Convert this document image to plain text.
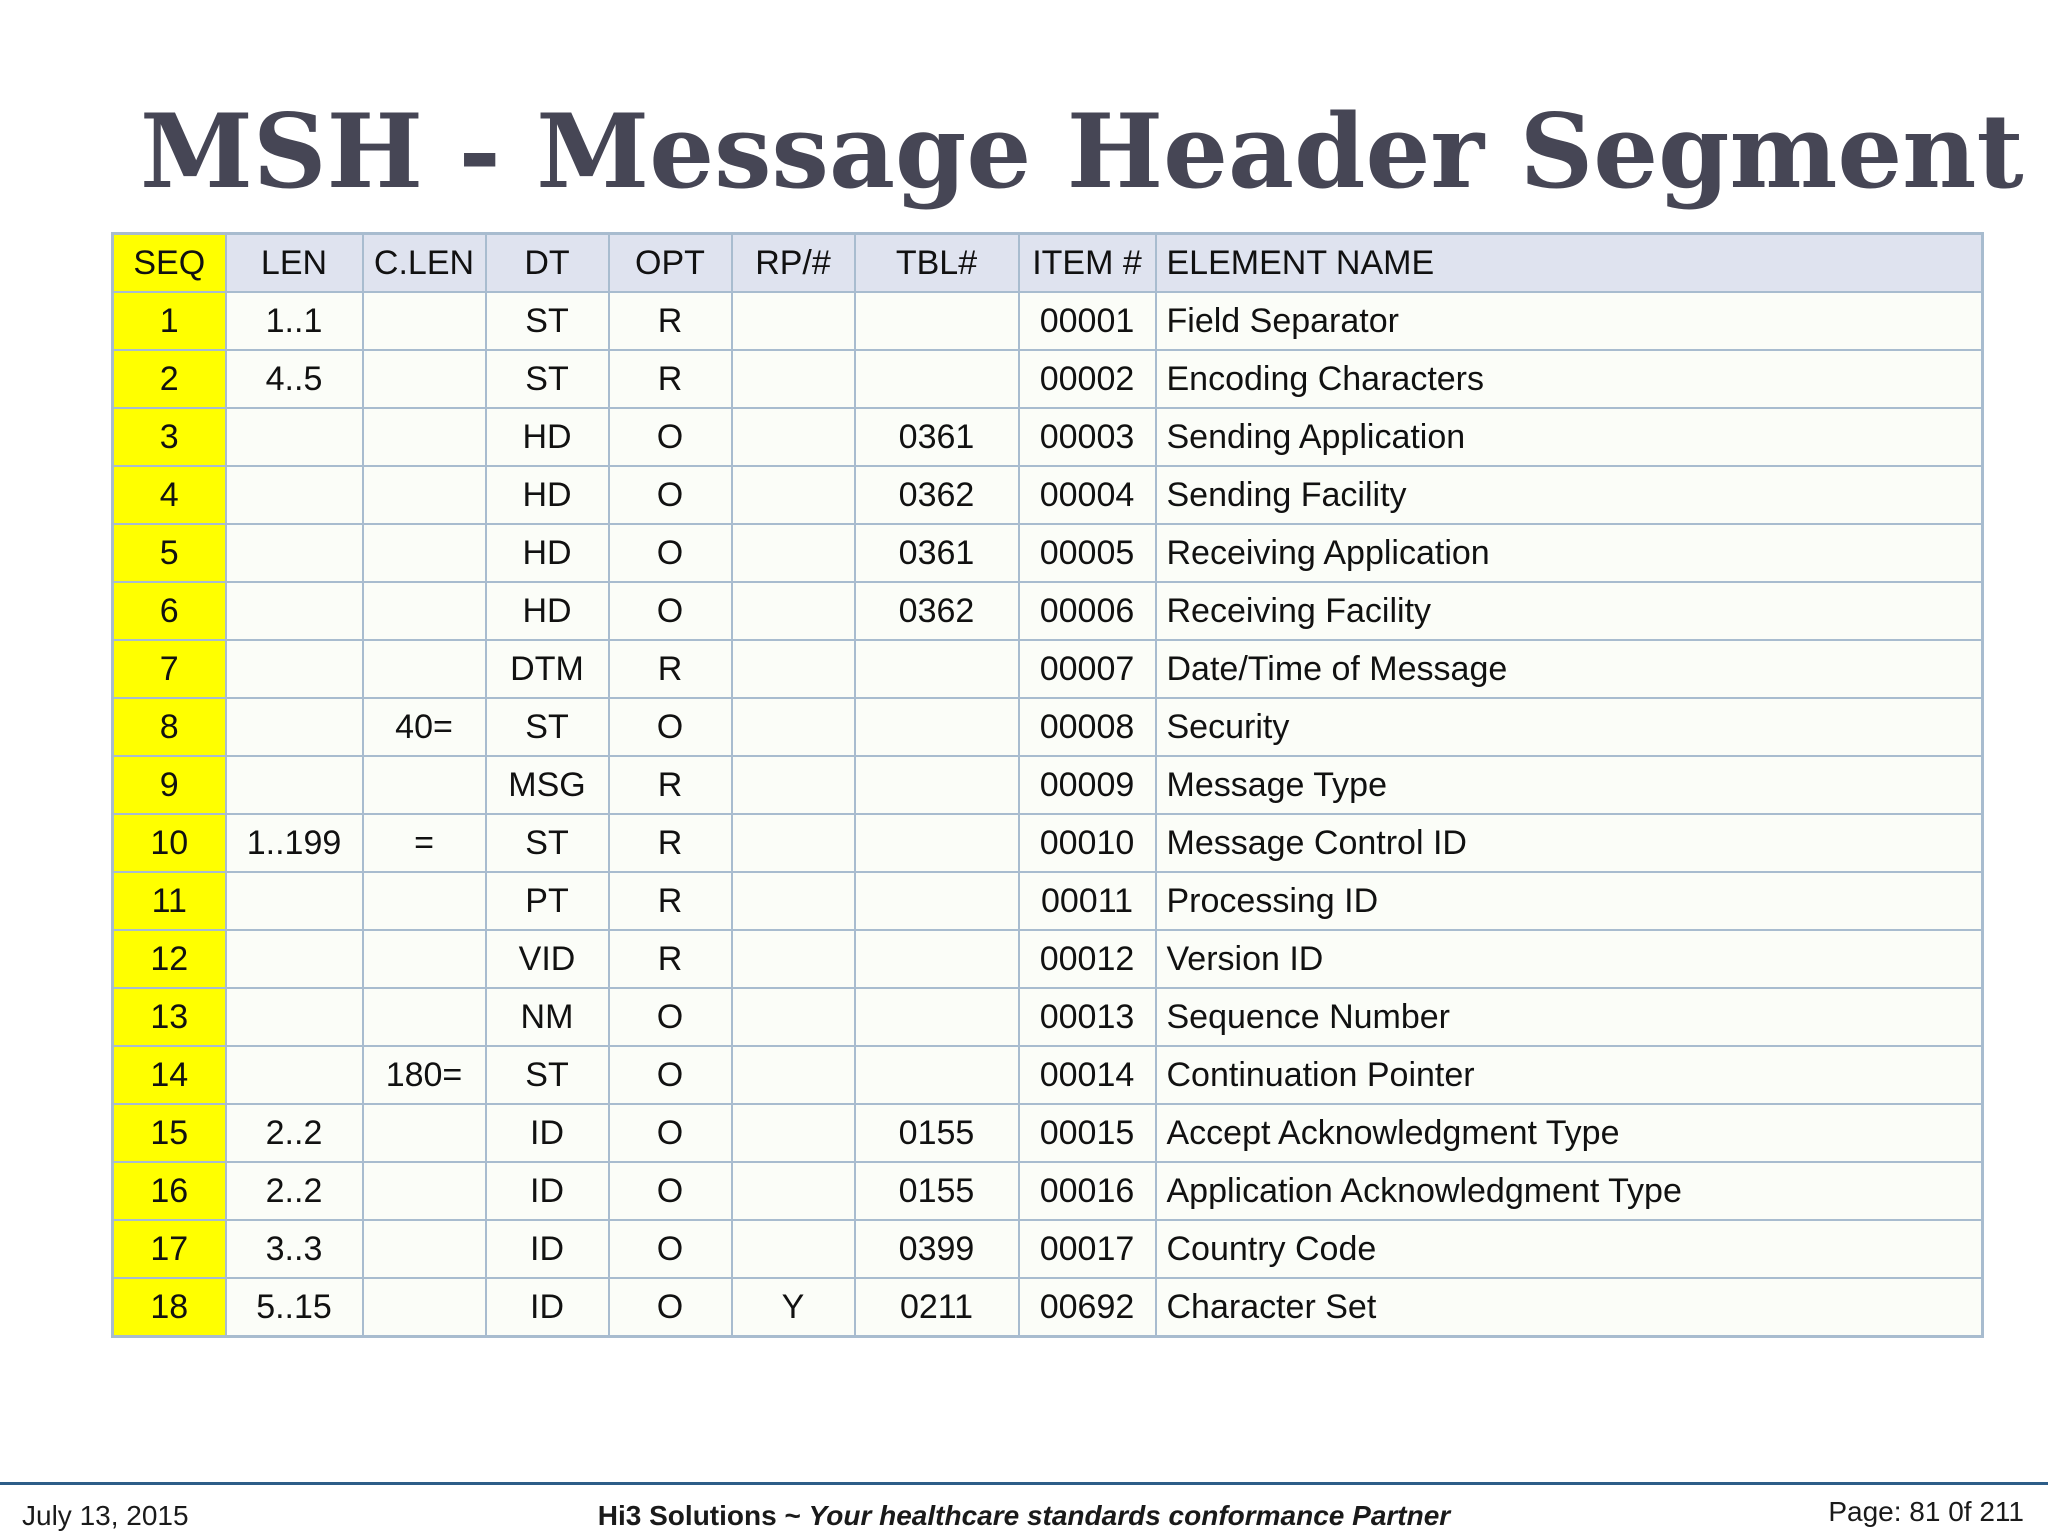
MSH - Message Header Segment
SEQ	LEN	C.LEN	DT	OPT	RP/#	TBL#	ITEM #	ELEMENT NAME
1	1..1		ST	R			00001	Field Separator
2	4..5		ST	R			00002	Encoding Characters
3			HD	O		0361	00003	Sending Application
4			HD	O		0362	00004	Sending Facility
5			HD	O		0361	00005	Receiving Application
6			HD	O		0362	00006	Receiving Facility
7			DTM	R			00007	Date/Time of Message
8		40=	ST	O			00008	Security
9			MSG	R			00009	Message Type
10	1..199	=	ST	R			00010	Message Control ID
11			PT	R			00011	Processing ID
12			VID	R			00012	Version ID
13			NM	O			00013	Sequence Number
14		180=	ST	O			00014	Continuation Pointer
15	2..2		ID	O		0155	00015	Accept Acknowledgment Type
16	2..2		ID	O		0155	00016	Application Acknowledgment Type
17	3..3		ID	O		0399	00017	Country Code
18	5..15		ID	O	Y	0211	00692	Character Set
July 13, 2015	Hi3 Solutions ~ Your healthcare standards conformance Partner	Page: 81 0f 211
